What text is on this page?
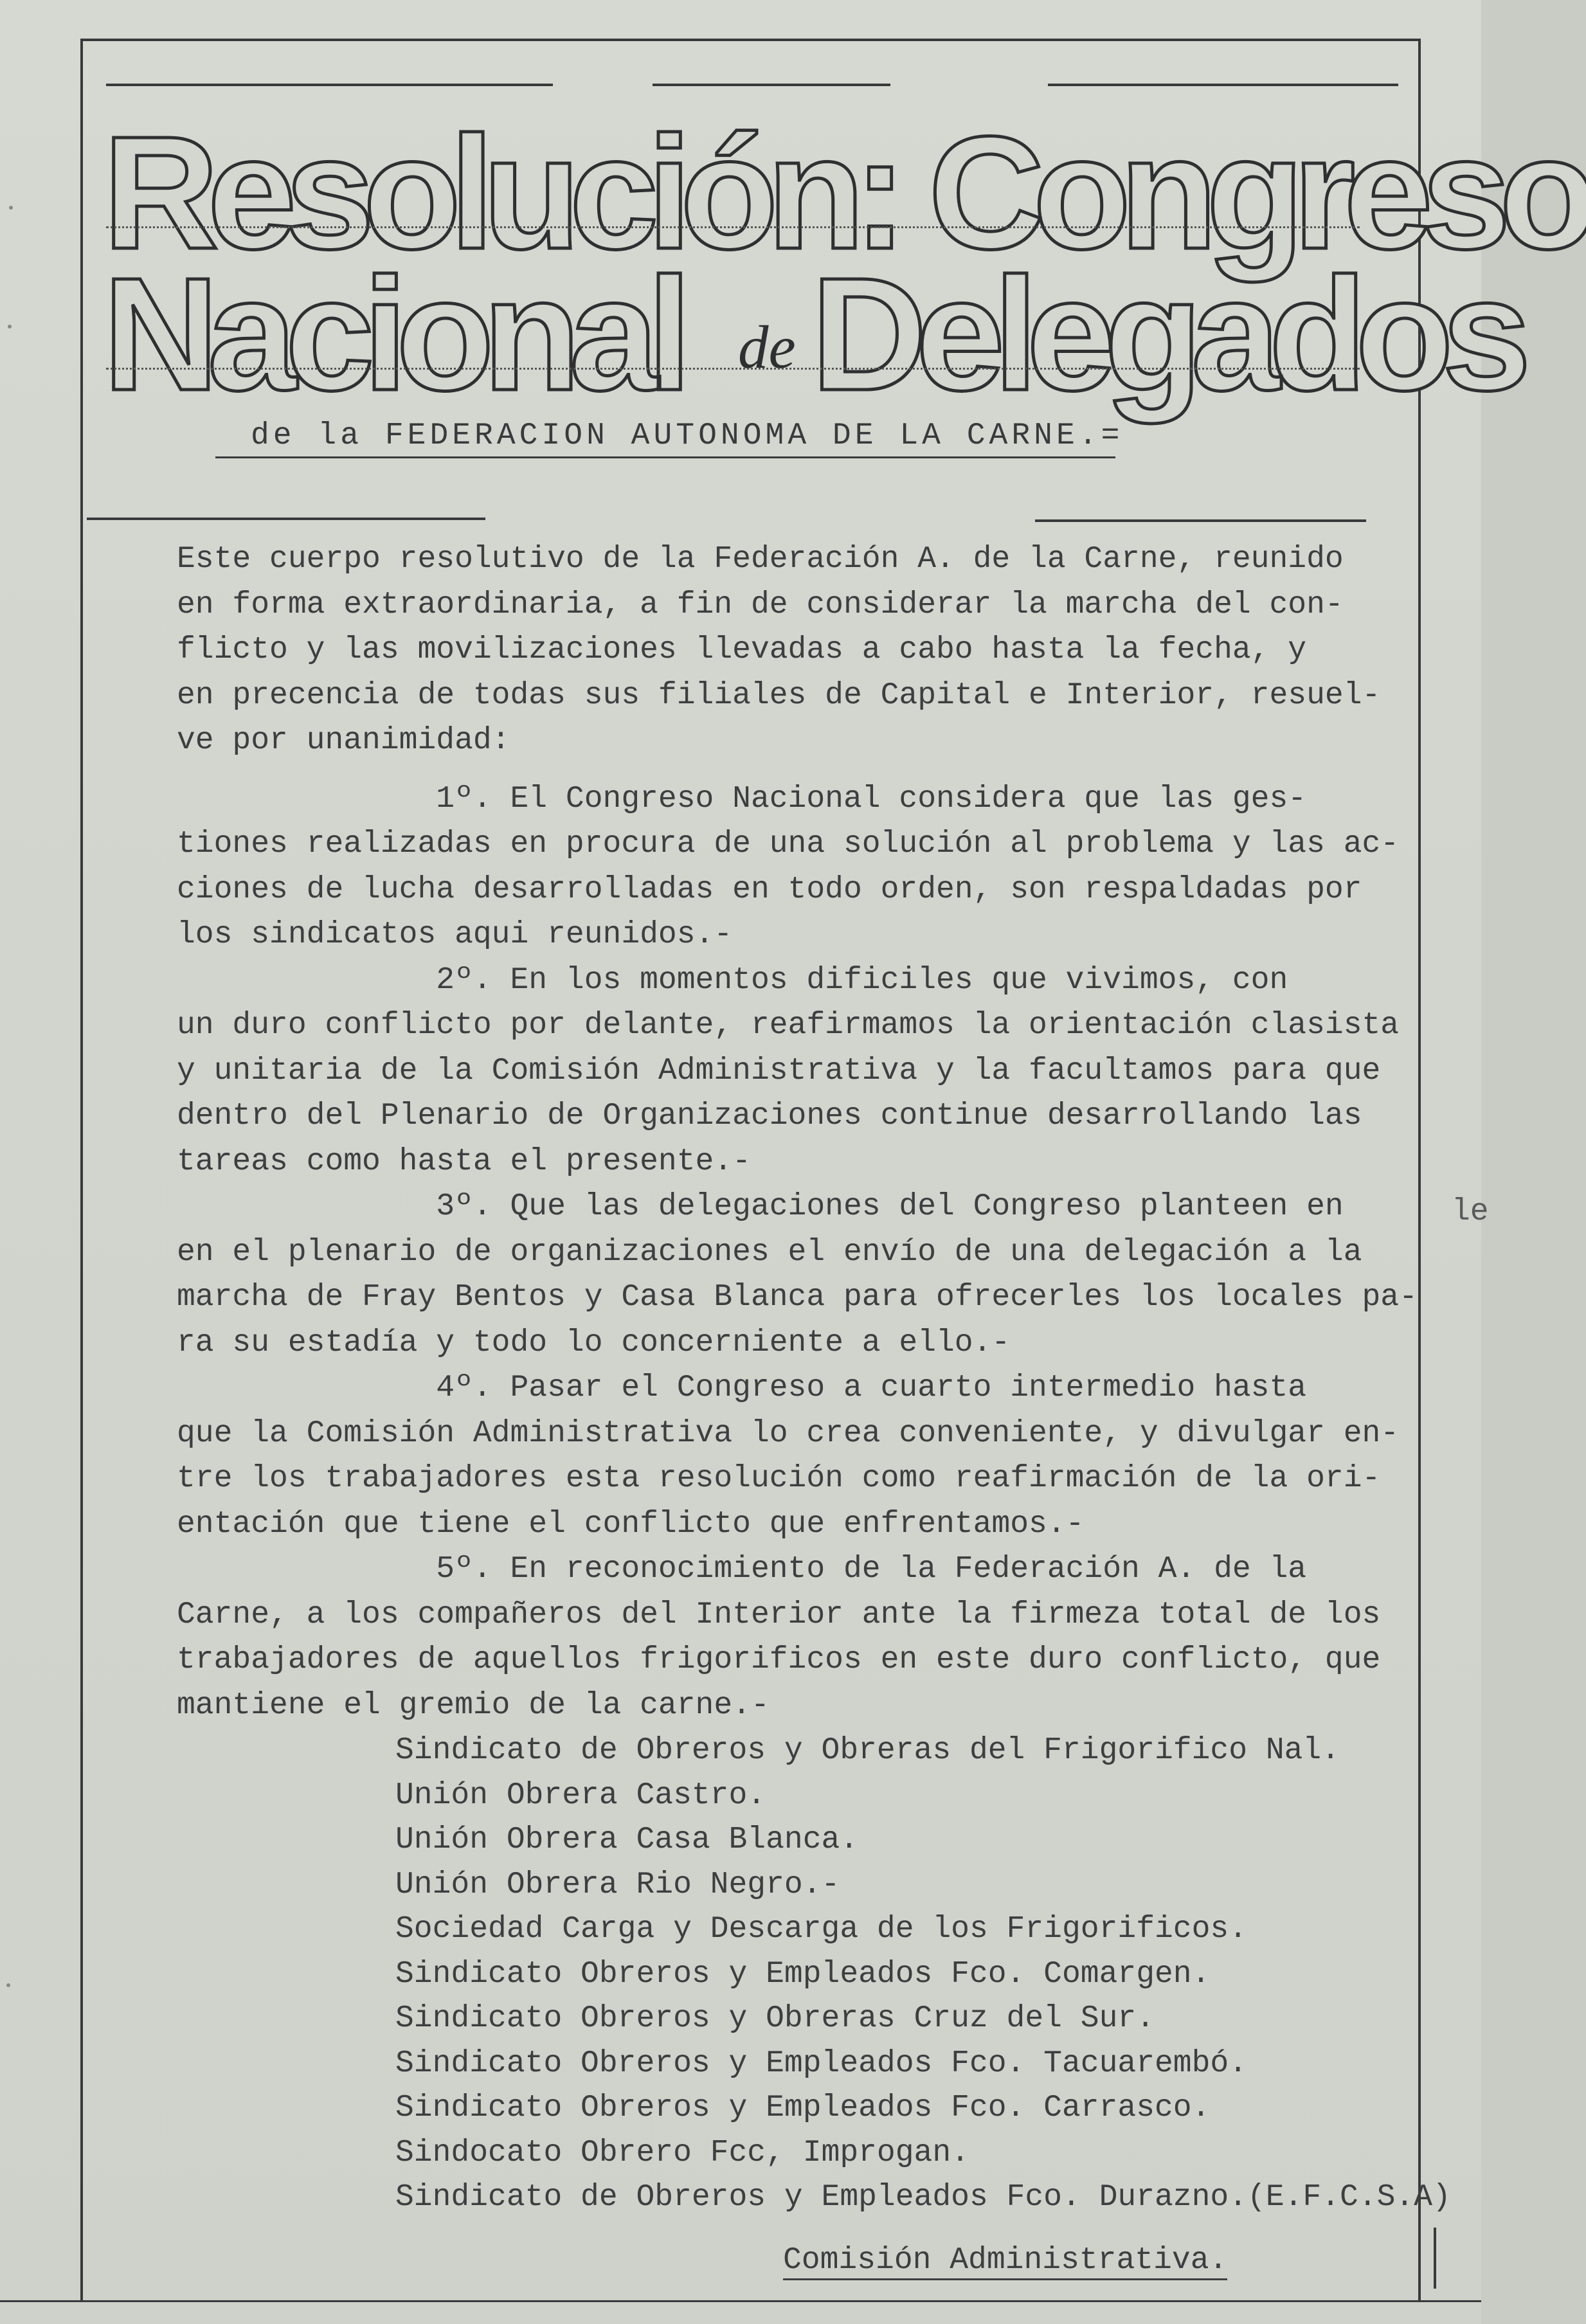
Resolución: Congreso
Nacional deDelegados
de la FEDERACION AUTONOMA DE LA CARNE.=
Este cuerpo resolutivo de la Federación A. de la Carne, reunido
en forma extraordinaria, a fin de considerar la marcha del con-
flicto y las movilizaciones llevadas a cabo hasta la fecha, y
en precencia de todas sus filiales de Capital e Interior, resuel-
ve por unanimidad:
1º. El Congreso Nacional considera que las ges-
tiones realizadas en procura de una solución al problema y las ac-
ciones de lucha desarrolladas en todo orden, son respaldadas por
los sindicatos aqui reunidos.-
2º. En los momentos dificiles que vivimos, con
un duro conflicto por delante, reafirmamos la orientación clasista
y unitaria de la Comisión Administrativa y la facultamos para que
dentro del Plenario de Organizaciones continue desarrollando las
tareas como hasta el presente.-
3º. Que las delegaciones del Congreso planteen en
en el plenario de organizaciones el envío de una delegación a la
marcha de Fray Bentos y Casa Blanca para ofrecerles los locales pa-
ra su estadía y todo lo concerniente a ello.-
4º. Pasar el Congreso a cuarto intermedio hasta
que la Comisión Administrativa lo crea conveniente, y divulgar en-
tre los trabajadores esta resolución como reafirmación de la ori-
entación que tiene el conflicto que enfrentamos.-
5º. En reconocimiento de la Federación A. de la
Carne, a los compañeros del Interior ante la firmeza total de los
trabajadores de aquellos frigorificos en este duro conflicto, que
mantiene el gremio de la carne.-
Sindicato de Obreros y Obreras del Frigorifico Nal.
Unión Obrera Castro.
Unión Obrera Casa Blanca.
Unión Obrera Rio Negro.-
Sociedad Carga y Descarga de los Frigorificos.
Sindicato Obreros y Empleados Fco. Comargen.
Sindicato Obreros y Obreras Cruz del Sur.
Sindicato Obreros y Empleados Fco. Tacuarembó.
Sindicato Obreros y Empleados Fco. Carrasco.
Sindocato Obrero Fcc, Improgan.
Sindicato de Obreros y Empleados Fco. Durazno.(E.F.C.S.A)
le
Comisión Administrativa.
